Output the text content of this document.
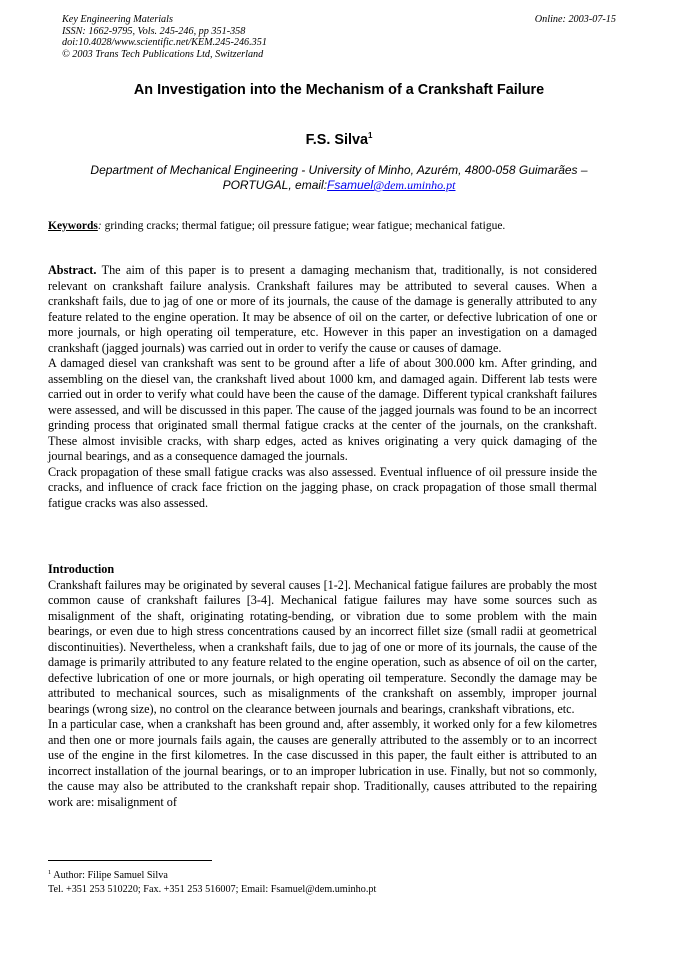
Key Engineering Materials
ISSN: 1662-9795, Vols. 245-246, pp 351-358
doi:10.4028/www.scientific.net/KEM.245-246.351
© 2003 Trans Tech Publications Ltd, Switzerland
Online: 2003-07-15
An Investigation into the Mechanism of a Crankshaft Failure
F.S. Silva$^1$
Department of Mechanical Engineering - University of Minho, Azurém, 4800-058 Guimarães –
PORTUGAL, email:Fsamuel@dem.uminho.pt
Keywords: grinding cracks; thermal fatigue; oil pressure fatigue; wear fatigue; mechanical fatigue.

Abstract. The aim of this paper is to present a damaging mechanism that, traditionally, is not considered relevant on crankshaft failure analysis. Crankshaft failures may be attributed to several causes. When a crankshaft fails, due to jag of one or more of its journals, the cause of the damage is generally attributed to any feature related to the engine operation. It may be absence of oil on the carter, or defective lubrication of one or more journals, or high operating oil temperature, etc. However in this paper an investigation on a damaged crankshaft (jagged journals) was carried out in order to verify the cause or causes of damage.

A damaged diesel van crankshaft was sent to be ground after a life of about 300.000 km. After grinding, and assembling on the diesel van, the crankshaft lived about 1000 km, and damaged again. Different lab tests were carried out in order to verify what could have been the cause of the damage. Different typical crankshaft failures were assessed, and will be discussed in this paper. The cause of the jagged journals was found to be an incorrect grinding process that originated small thermal fatigue cracks at the center of the journals, on the crankshaft. These almost invisible cracks, with sharp edges, acted as knives originating a very quick damaging of the journal bearings, and as a consequence damaged the journals.

Crack propagation of these small fatigue cracks was also assessed. Eventual influence of oil pressure inside the cracks, and influence of crack face friction on the jagging phase, on crack propagation of those small thermal fatigue cracks was also assessed.

Introduction

Crankshaft failures may be originated by several causes [1-2]. Mechanical fatigue failures are probably the most common cause of crankshaft failures [3-4]. Mechanical fatigue failures may have some sources such as misalignment of the shaft, originating rotating-bending, or vibration due to some problem with the main bearings, or even due to high stress concentrations caused by an incorrect fillet size (small radii at geometrical discontinuities). Nevertheless, when a crankshaft fails, due to jag of one or more of its journals, the cause of the damage is primarily attributed to any feature related to the engine operation, such as absence of oil on the carter, defective lubrication of one or more journals, or high operating oil temperature. Secondly the damage may be attributed to mechanical sources, such as misalignments of the crankshaft on assembly, improper journal bearings (wrong size), no control on the clearance between journals and bearings, crankshaft vibrations, etc.

In a particular case, when a crankshaft has been ground and, after assembly, it worked only for a few kilometres and then one or more journals fails again, the causes are generally attributed to the assembly or to an incorrect use of the engine in the first kilometres. In the case discussed in this paper, the fault either is attributed to an incorrect installation of the journal bearings, or to an improper lubrication in use. Finally, but not so commonly, the cause may also be attributed to the crankshaft repair shop. Traditionally, causes attributed to the repairing work are: misalignment of

$^1$ Author: Filipe Samuel Silva
Tel. +351 253 510220; Fax. +351 253 516007; Email: Fsamuel@dem.uminho.pt
